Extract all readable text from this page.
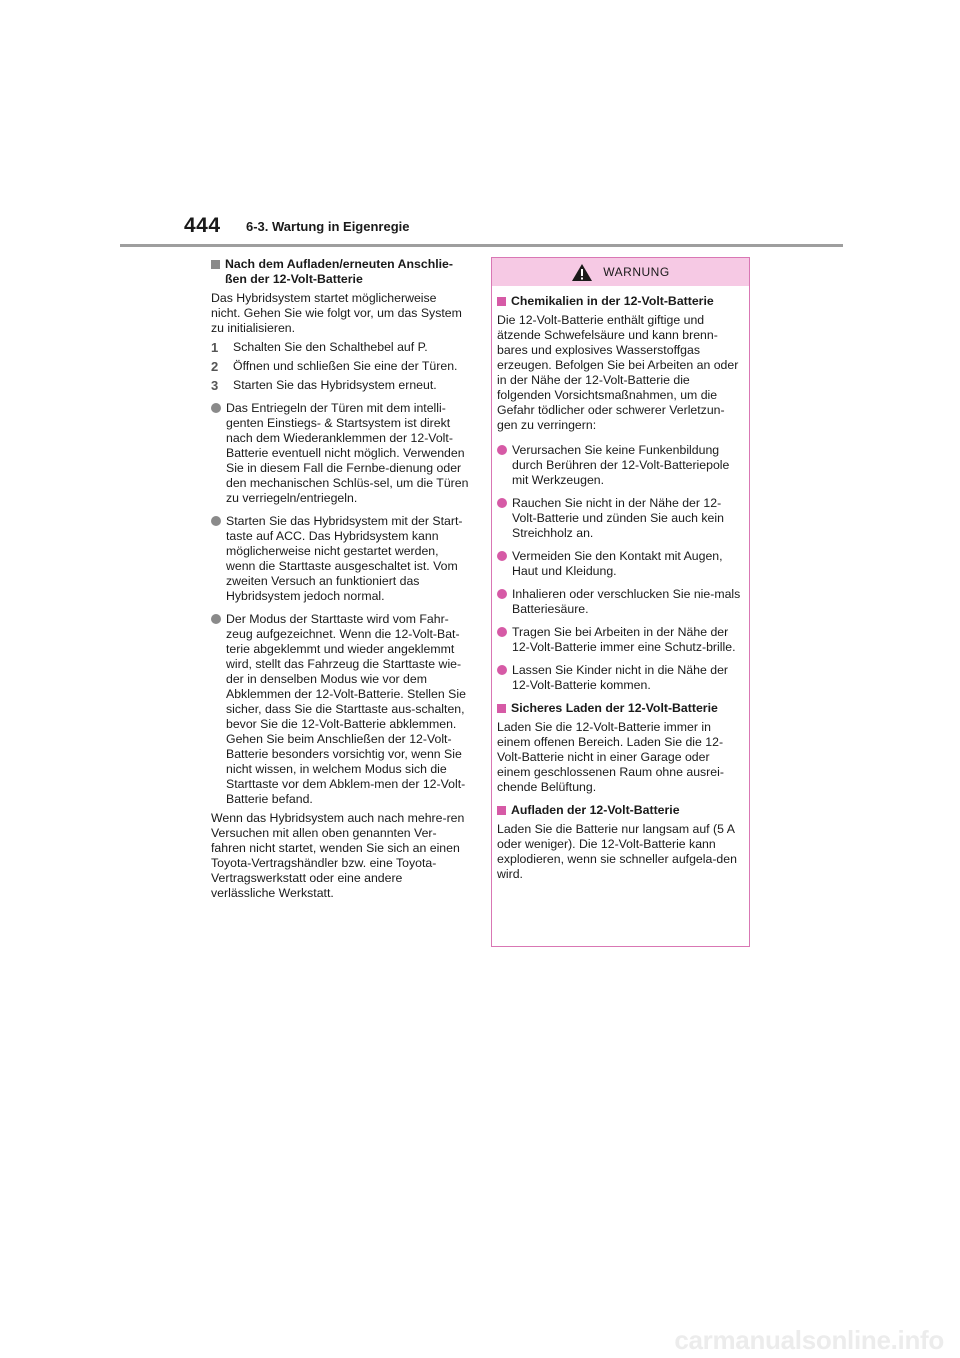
444 6-3. Wartung in Eigenregie
Nach dem Aufladen/erneuten Anschlie-ßen der 12-Volt-Batterie

Das Hybridsystem startet möglicherweise nicht. Gehen Sie wie folgt vor, um das System zu initialisieren.

1	Schalten Sie den Schalthebel auf P.
2	Öffnen und schließen Sie eine der Türen.
3	Starten Sie das Hybridsystem erneut.
Das Entriegeln der Türen mit dem intelli-genten Einstiegs- & Startsystem ist direkt nach dem Wiederanklemmen der 12-Volt-Batterie eventuell nicht möglich. Verwenden Sie in diesem Fall die Fernbe-dienung oder den mechanischen Schlüs-sel, um die Türen zu verriegeln/entriegeln.
Starten Sie das Hybridsystem mit der Start-taste auf ACC. Das Hybridsystem kann möglicherweise nicht gestartet werden, wenn die Starttaste ausgeschaltet ist. Vom zweiten Versuch an funktioniert das Hybridsystem jedoch normal.
Der Modus der Starttaste wird vom Fahr-zeug aufgezeichnet. Wenn die 12-Volt-Bat-terie abgeklemmt und wieder angeklemmt wird, stellt das Fahrzeug die Starttaste wie-der in denselben Modus wie vor dem Abklemmen der 12-Volt-Batterie. Stellen Sie sicher, dass Sie die Starttaste aus-schalten, bevor Sie die 12-Volt-Batterie abklemmen. Gehen Sie beim Anschließen der 12-Volt-Batterie besonders vorsichtig vor, wenn Sie nicht wissen, in welchem Modus sich die Starttaste vor dem Abklem-men der 12-Volt-Batterie befand.

Wenn das Hybridsystem auch nach mehre-ren Versuchen mit allen oben genannten Ver-fahren nicht startet, wenden Sie sich an einen Toyota-Vertragshändler bzw. eine Toyota-Vertragswerkstatt oder eine andere verlässliche Werkstatt.

WARNUNG
Chemikalien in der 12-Volt-Batterie

Die 12-Volt-Batterie enthält giftige und ätzende Schwefelsäure und kann brenn-bares und explosives Wasserstoffgas erzeugen. Befolgen Sie bei Arbeiten an oder in der Nähe der 12-Volt-Batterie die folgenden Vorsichtsmaßnahmen, um die Gefahr tödlicher oder schwerer Verletzun-gen zu verringern:

Verursachen Sie keine Funkenbildung durch Berühren der 12-Volt-Batteriepole mit Werkzeugen.
Rauchen Sie nicht in der Nähe der 12-Volt-Batterie und zünden Sie auch kein Streichholz an.
Vermeiden Sie den Kontakt mit Augen, Haut und Kleidung.
Inhalieren oder verschlucken Sie nie-mals Batteriesäure.
Tragen Sie bei Arbeiten in der Nähe der 12-Volt-Batterie immer eine Schutz-brille.
Lassen Sie Kinder nicht in die Nähe der 12-Volt-Batterie kommen.
Sicheres Laden der 12-Volt-Batterie

Laden Sie die 12-Volt-Batterie immer in einem offenen Bereich. Laden Sie die 12-Volt-Batterie nicht in einer Garage oder einem geschlossenen Raum ohne ausrei-chende Belüftung.

Aufladen der 12-Volt-Batterie

Laden Sie die Batterie nur langsam auf (5 A oder weniger). Die 12-Volt-Batterie kann explodieren, wenn sie schneller aufgela-den wird.

carmanualsonline.info
